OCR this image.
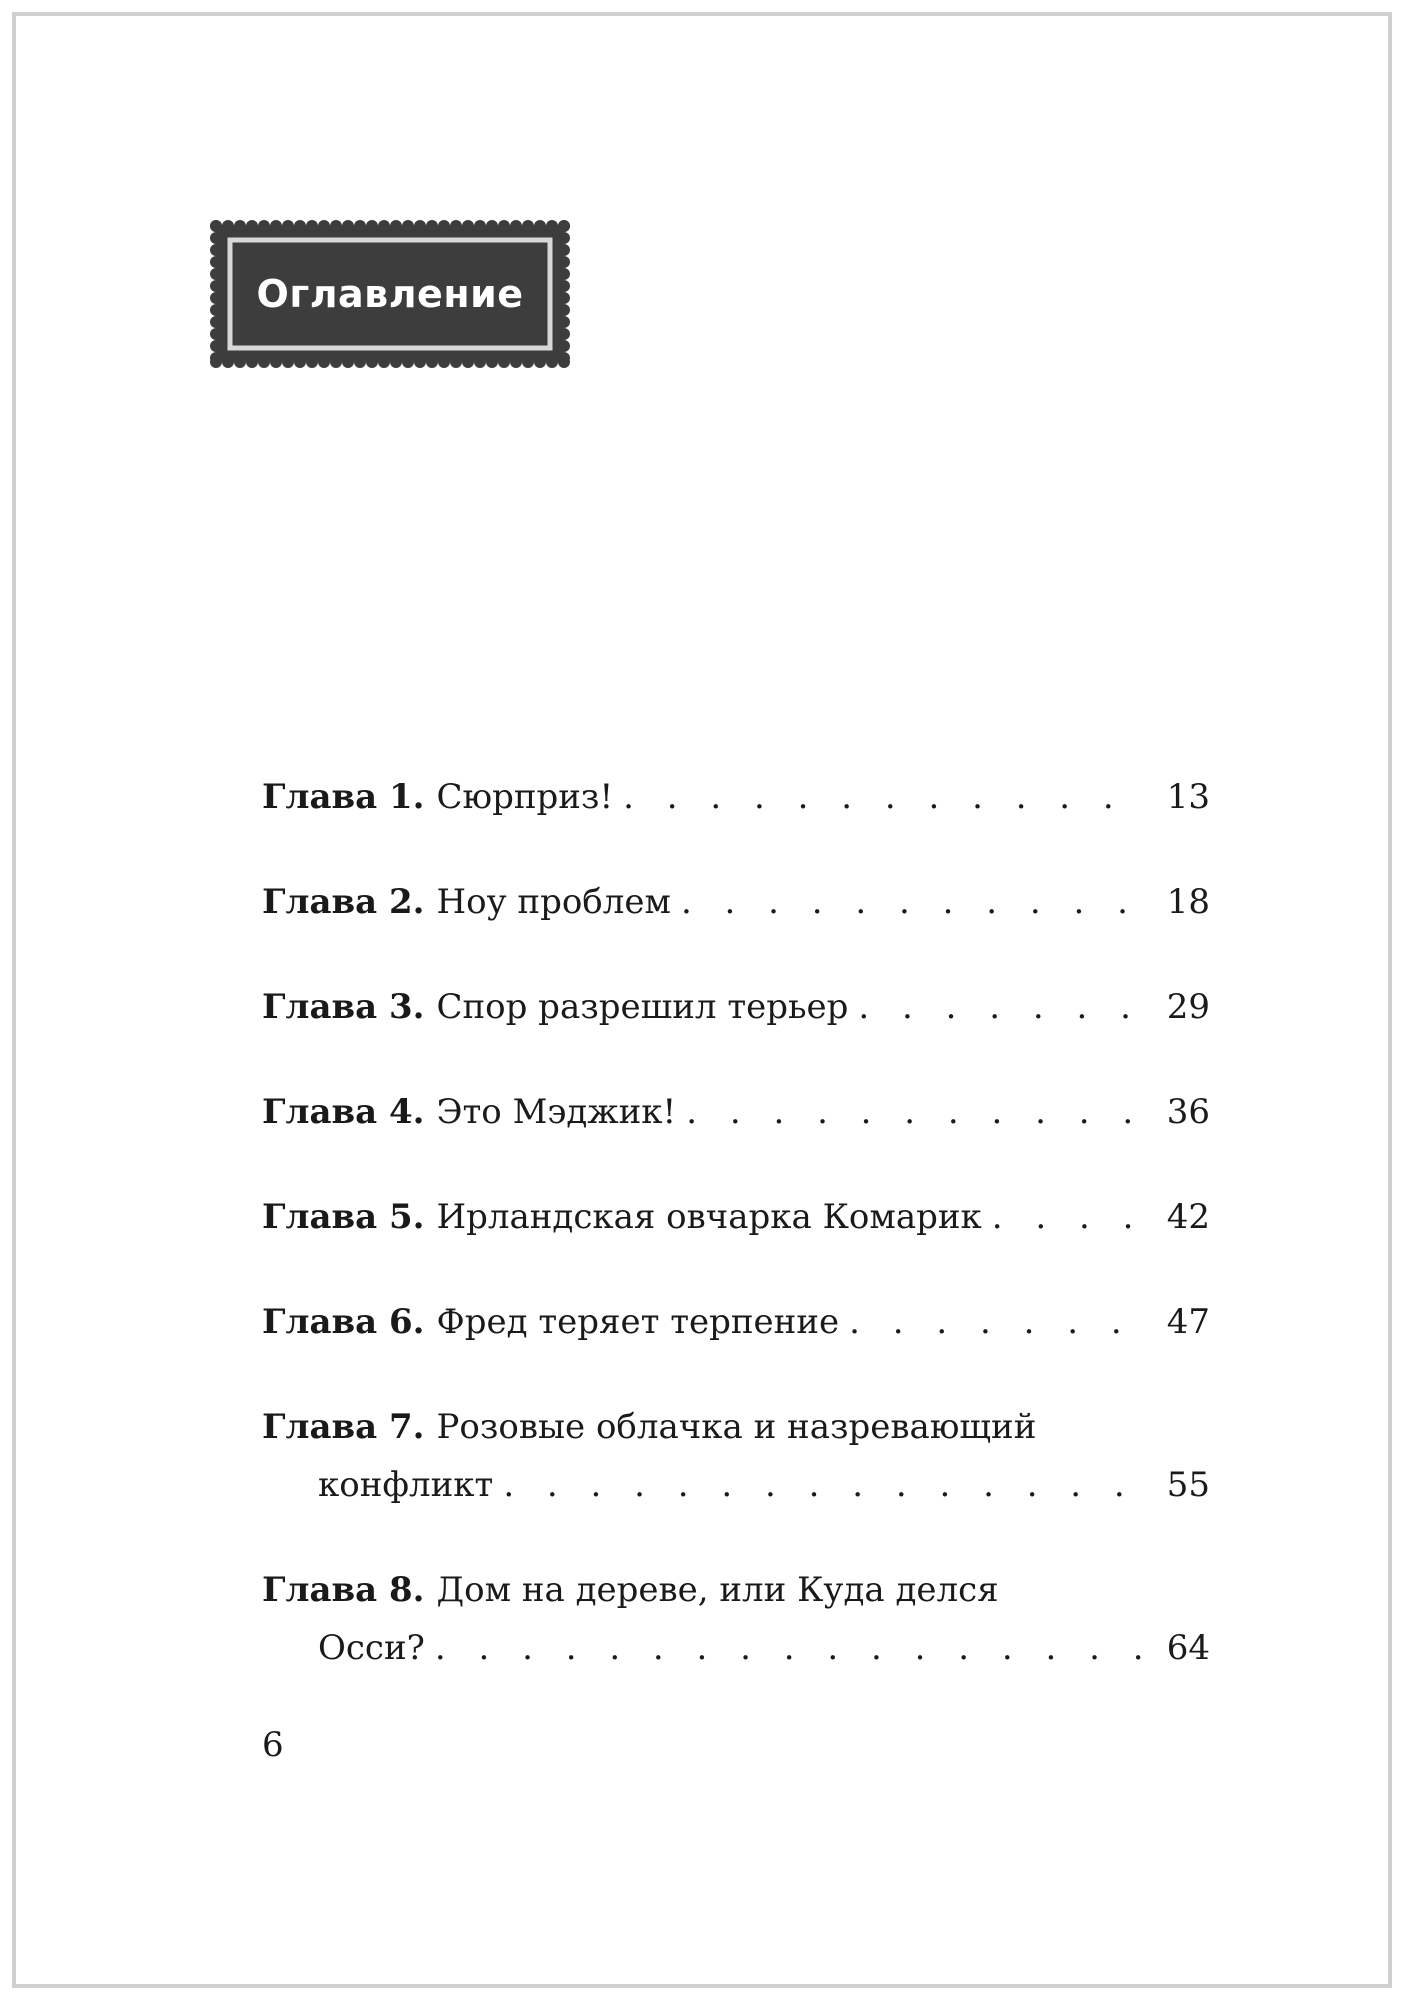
Оглавление
Глава 1. Сюрприз! . . .	13
Глава 2. Ноу проблем . . .	18
Глава 3. Спор разрешил терьер . . .	29
Глава 4. Это Мэджик! . . .	36
Глава 5. Ирландская овчарка Комарик . . .	42
Глава 6. Фред теряет терпение . . .	47
Глава 7. Розовые облачка и назревающий
конфликт . . .	55
Глава 8. Дом на дереве, или Куда делся
Осси? . . .	64
6
